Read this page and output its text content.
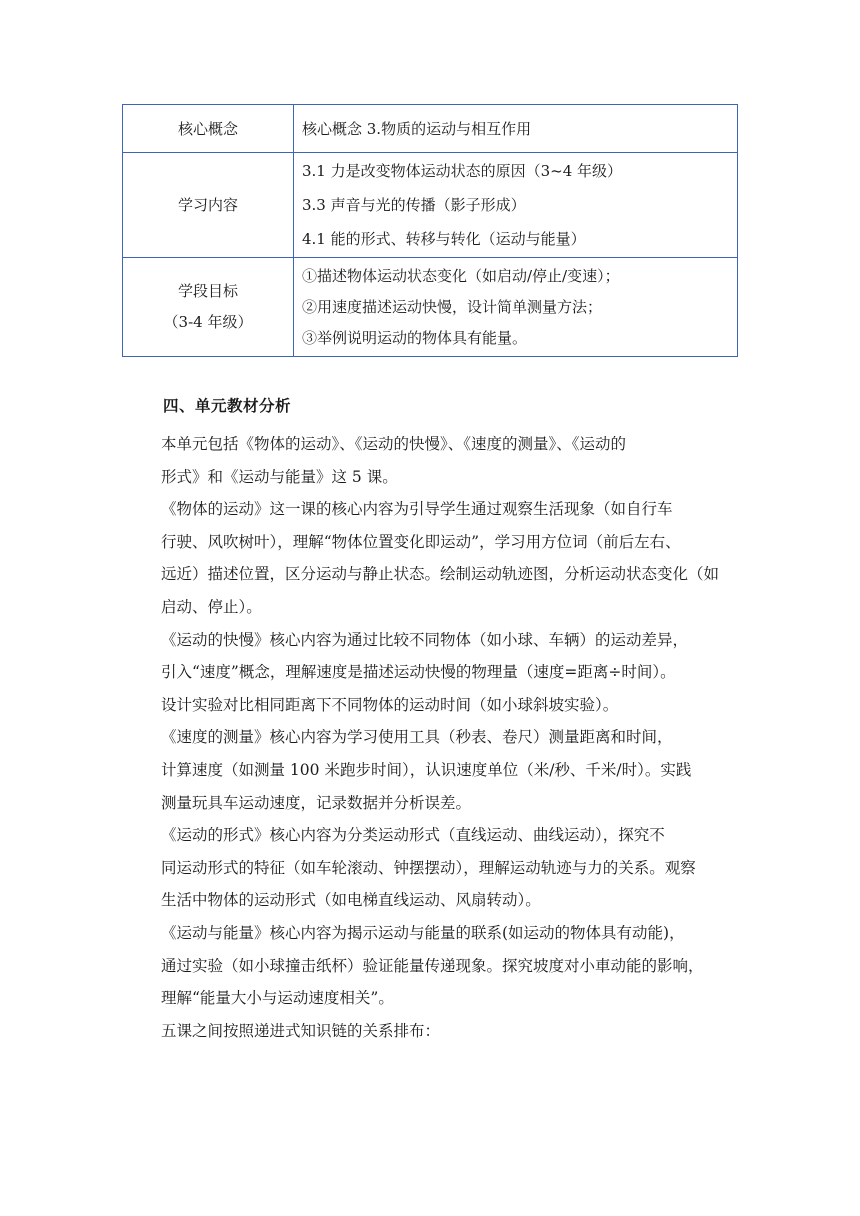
核心概念	核心概念 3.物质的运动与相互作用

学习内容	3.1 力是改变物体运动状态的原因（3~4 年级）
3.3 声音与光的传播（影子形成）
4.1 能的形式、转移与转化（运动与能量）

学段目标
（3-4 年级）	①描述物体运动状态变化（如启动/停止/变速）；
②用速度描述运动快慢，设计简单测量方法；
③举例说明运动的物体具有能量。
四、单元教材分析

本单元包括《物体的运动》、《运动的快慢》、《速度的测量》、《运动的
形式》和《运动与能量》这 5 课。

《物体的运动》这一课的核心内容为引导学生通过观察生活现象（如自行车
行驶、风吹树叶），理解“物体位置变化即运动”，学习用方位词（前后左右、
远近）描述位置，区分运动与静止状态。绘制运动轨迹图，分析运动状态变化（如
启动、停止）。

《运动的快慢》核心内容为通过比较不同物体（如小球、车辆）的运动差异，
引入“速度”概念，理解速度是描述运动快慢的物理量（速度=距离÷时间）。
设计实验对比相同距离下不同物体的运动时间（如小球斜坡实验）。

《速度的测量》核心内容为学习使用工具（秒表、卷尺）测量距离和时间，
计算速度（如测量 100 米跑步时间），认识速度单位（米/秒、千米/时）。实践
测量玩具车运动速度，记录数据并分析误差。

《运动的形式》核心内容为分类运动形式（直线运动、曲线运动），探究不
同运动形式的特征（如车轮滚动、钟摆摆动），理解运动轨迹与力的关系。观察
生活中物体的运动形式（如电梯直线运动、风扇转动）。

《运动与能量》核心内容为揭示运动与能量的联系(如运动的物体具有动能)，
通过实验（如小球撞击纸杯）验证能量传递现象。探究坡度对小車动能的影响，
理解“能量大小与运动速度相关”。

五课之间按照递进式知识链的关系排布：
